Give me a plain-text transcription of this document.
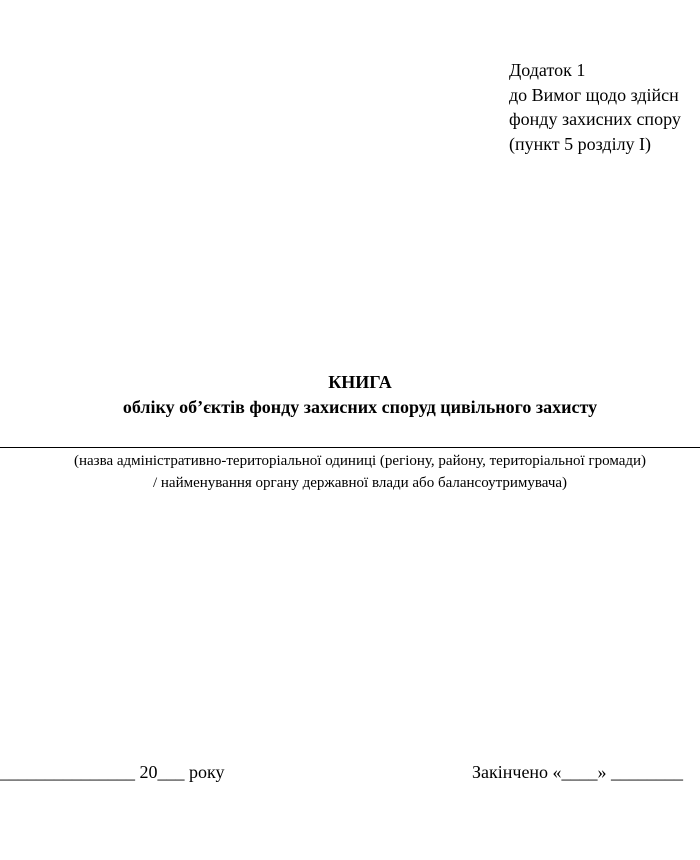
Додаток 1
до Вимог щодо здійсн
фонду захисних спору
(пункт 5 розділу I)
КНИГА
обліку об’єктів фонду захисних споруд цивільного захисту
(назва адміністративно-територіальної одиниці (регіону, району, територіальної громади)
/ найменування органу державної влади або балансоутримувача)
_______________ 20___ року	Закінчено «____» ________
